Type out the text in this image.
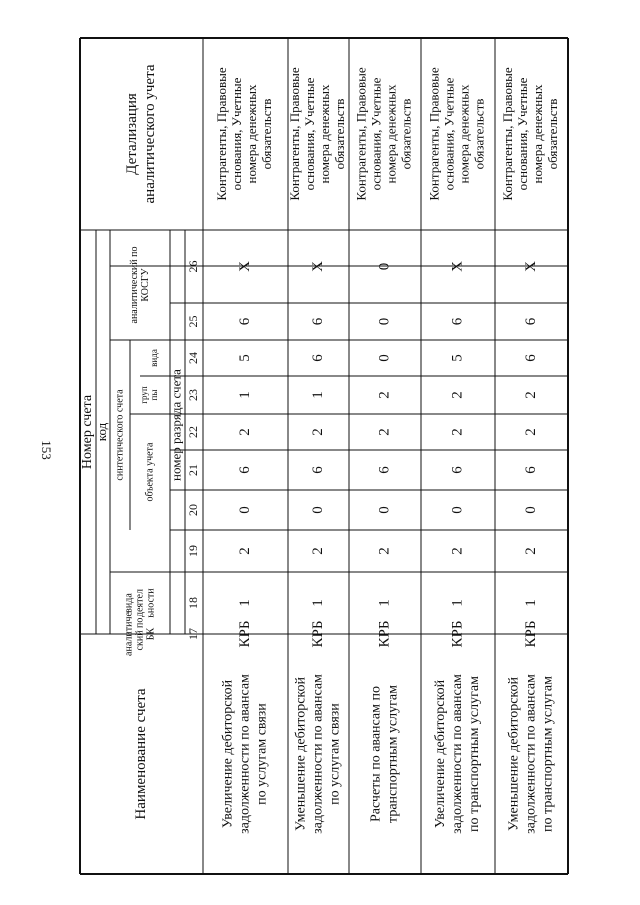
153
Наименование счета
Детализация аналитического учета
Номер счета
код
аналитиче ский по БК
вида деятел ьности
синтетического счета объекта учета
груп пы
вида
аналитический по КОСГУ
номер разряда счета
17
18
19
20
21
22
23
24
25
26
Увеличение дебиторской задолженности по авансам по услугам связи
КРБ
1
2
0
6
2
1
5
6
X
Контрагенты, Правовые основания, Учетные номера денежных обязательств
Уменьшение дебиторской задолженности по авансам по услугам связи
КРБ
1
2
0
6
2
1
6
6
X
Контрагенты, Правовые основания, Учетные номера денежных обязательств
Расчеты по авансам по транспортным услугам
КРБ
1
2
0
6
2
2
0
0
0
Контрагенты, Правовые основания, Учетные номера денежных обязательств
Увеличение дебиторской задолженности по авансам по транспортным услугам
КРБ
1
2
0
6
2
2
5
6
X
Контрагенты, Правовые основания, Учетные номера денежных обязательств
Уменьшение дебиторской задолженности по авансам по транспортным услугам
КРБ
1
2
0
6
2
2
6
6
X
Контрагенты, Правовые основания, Учетные номера денежных обязательств
